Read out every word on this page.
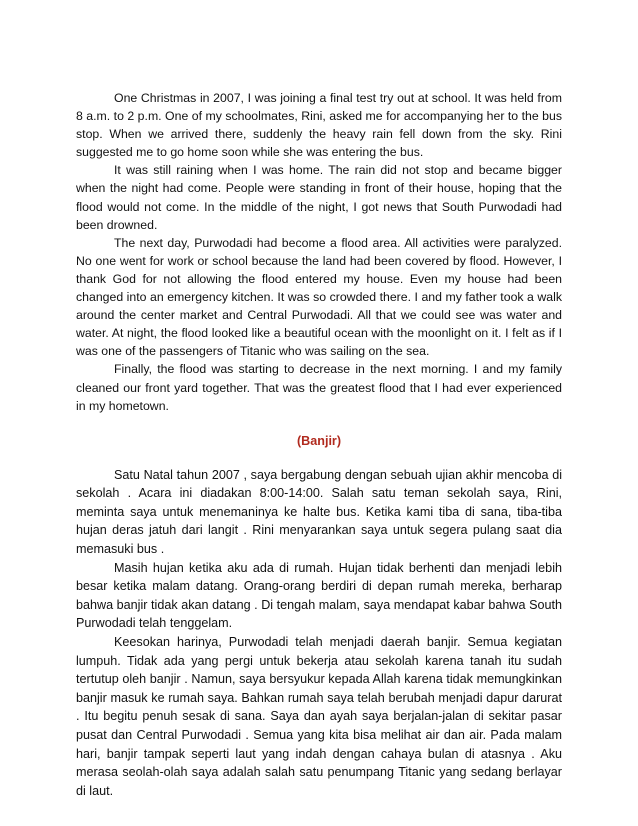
One Christmas in 2007, I was joining a final test try out at school. It was held from 8 a.m. to 2 p.m. One of my schoolmates, Rini, asked me for accompanying her to the bus stop. When we arrived there, suddenly the heavy rain fell down from the sky. Rini suggested me to go home soon while she was entering the bus.

It was still raining when I was home. The rain did not stop and became bigger when the night had come. People were standing in front of their house, hoping that the flood would not come. In the middle of the night, I got news that South Purwodadi had been drowned.

The next day, Purwodadi had become a flood area. All activities were paralyzed. No one went for work or school because the land had been covered by flood. However, I thank God for not allowing the flood entered my house. Even my house had been changed into an emergency kitchen. It was so crowded there. I and my father took a walk around the center market and Central Purwodadi. All that we could see was water and water. At night, the flood looked like a beautiful ocean with the moonlight on it. I felt as if I was one of the passengers of Titanic who was sailing on the sea.

Finally, the flood was starting to decrease in the next morning. I and my family cleaned our front yard together. That was the greatest flood that I had ever experienced in my hometown.

(Banjir)

Satu Natal tahun 2007 , saya bergabung dengan sebuah ujian akhir mencoba di sekolah . Acara ini diadakan 8:00-14:00. Salah satu teman sekolah saya, Rini, meminta saya untuk menemaninya ke halte bus. Ketika kami tiba di sana, tiba-tiba hujan deras jatuh dari langit . Rini menyarankan saya untuk segera pulang saat dia memasuki bus .

Masih hujan ketika aku ada di rumah. Hujan tidak berhenti dan menjadi lebih besar ketika malam datang. Orang-orang berdiri di depan rumah mereka, berharap bahwa banjir tidak akan datang . Di tengah malam, saya mendapat kabar bahwa South Purwodadi telah tenggelam.

Keesokan harinya, Purwodadi telah menjadi daerah banjir. Semua kegiatan lumpuh. Tidak ada yang pergi untuk bekerja atau sekolah karena tanah itu sudah tertutup oleh banjir . Namun, saya bersyukur kepada Allah karena tidak memungkinkan banjir masuk ke rumah saya. Bahkan rumah saya telah berubah menjadi dapur darurat . Itu begitu penuh sesak di sana. Saya dan ayah saya berjalan-jalan di sekitar pasar pusat dan Central Purwodadi . Semua yang kita bisa melihat air dan air. Pada malam hari, banjir tampak seperti laut yang indah dengan cahaya bulan di atasnya . Aku merasa seolah-olah saya adalah salah satu penumpang Titanic yang sedang berlayar di laut.
